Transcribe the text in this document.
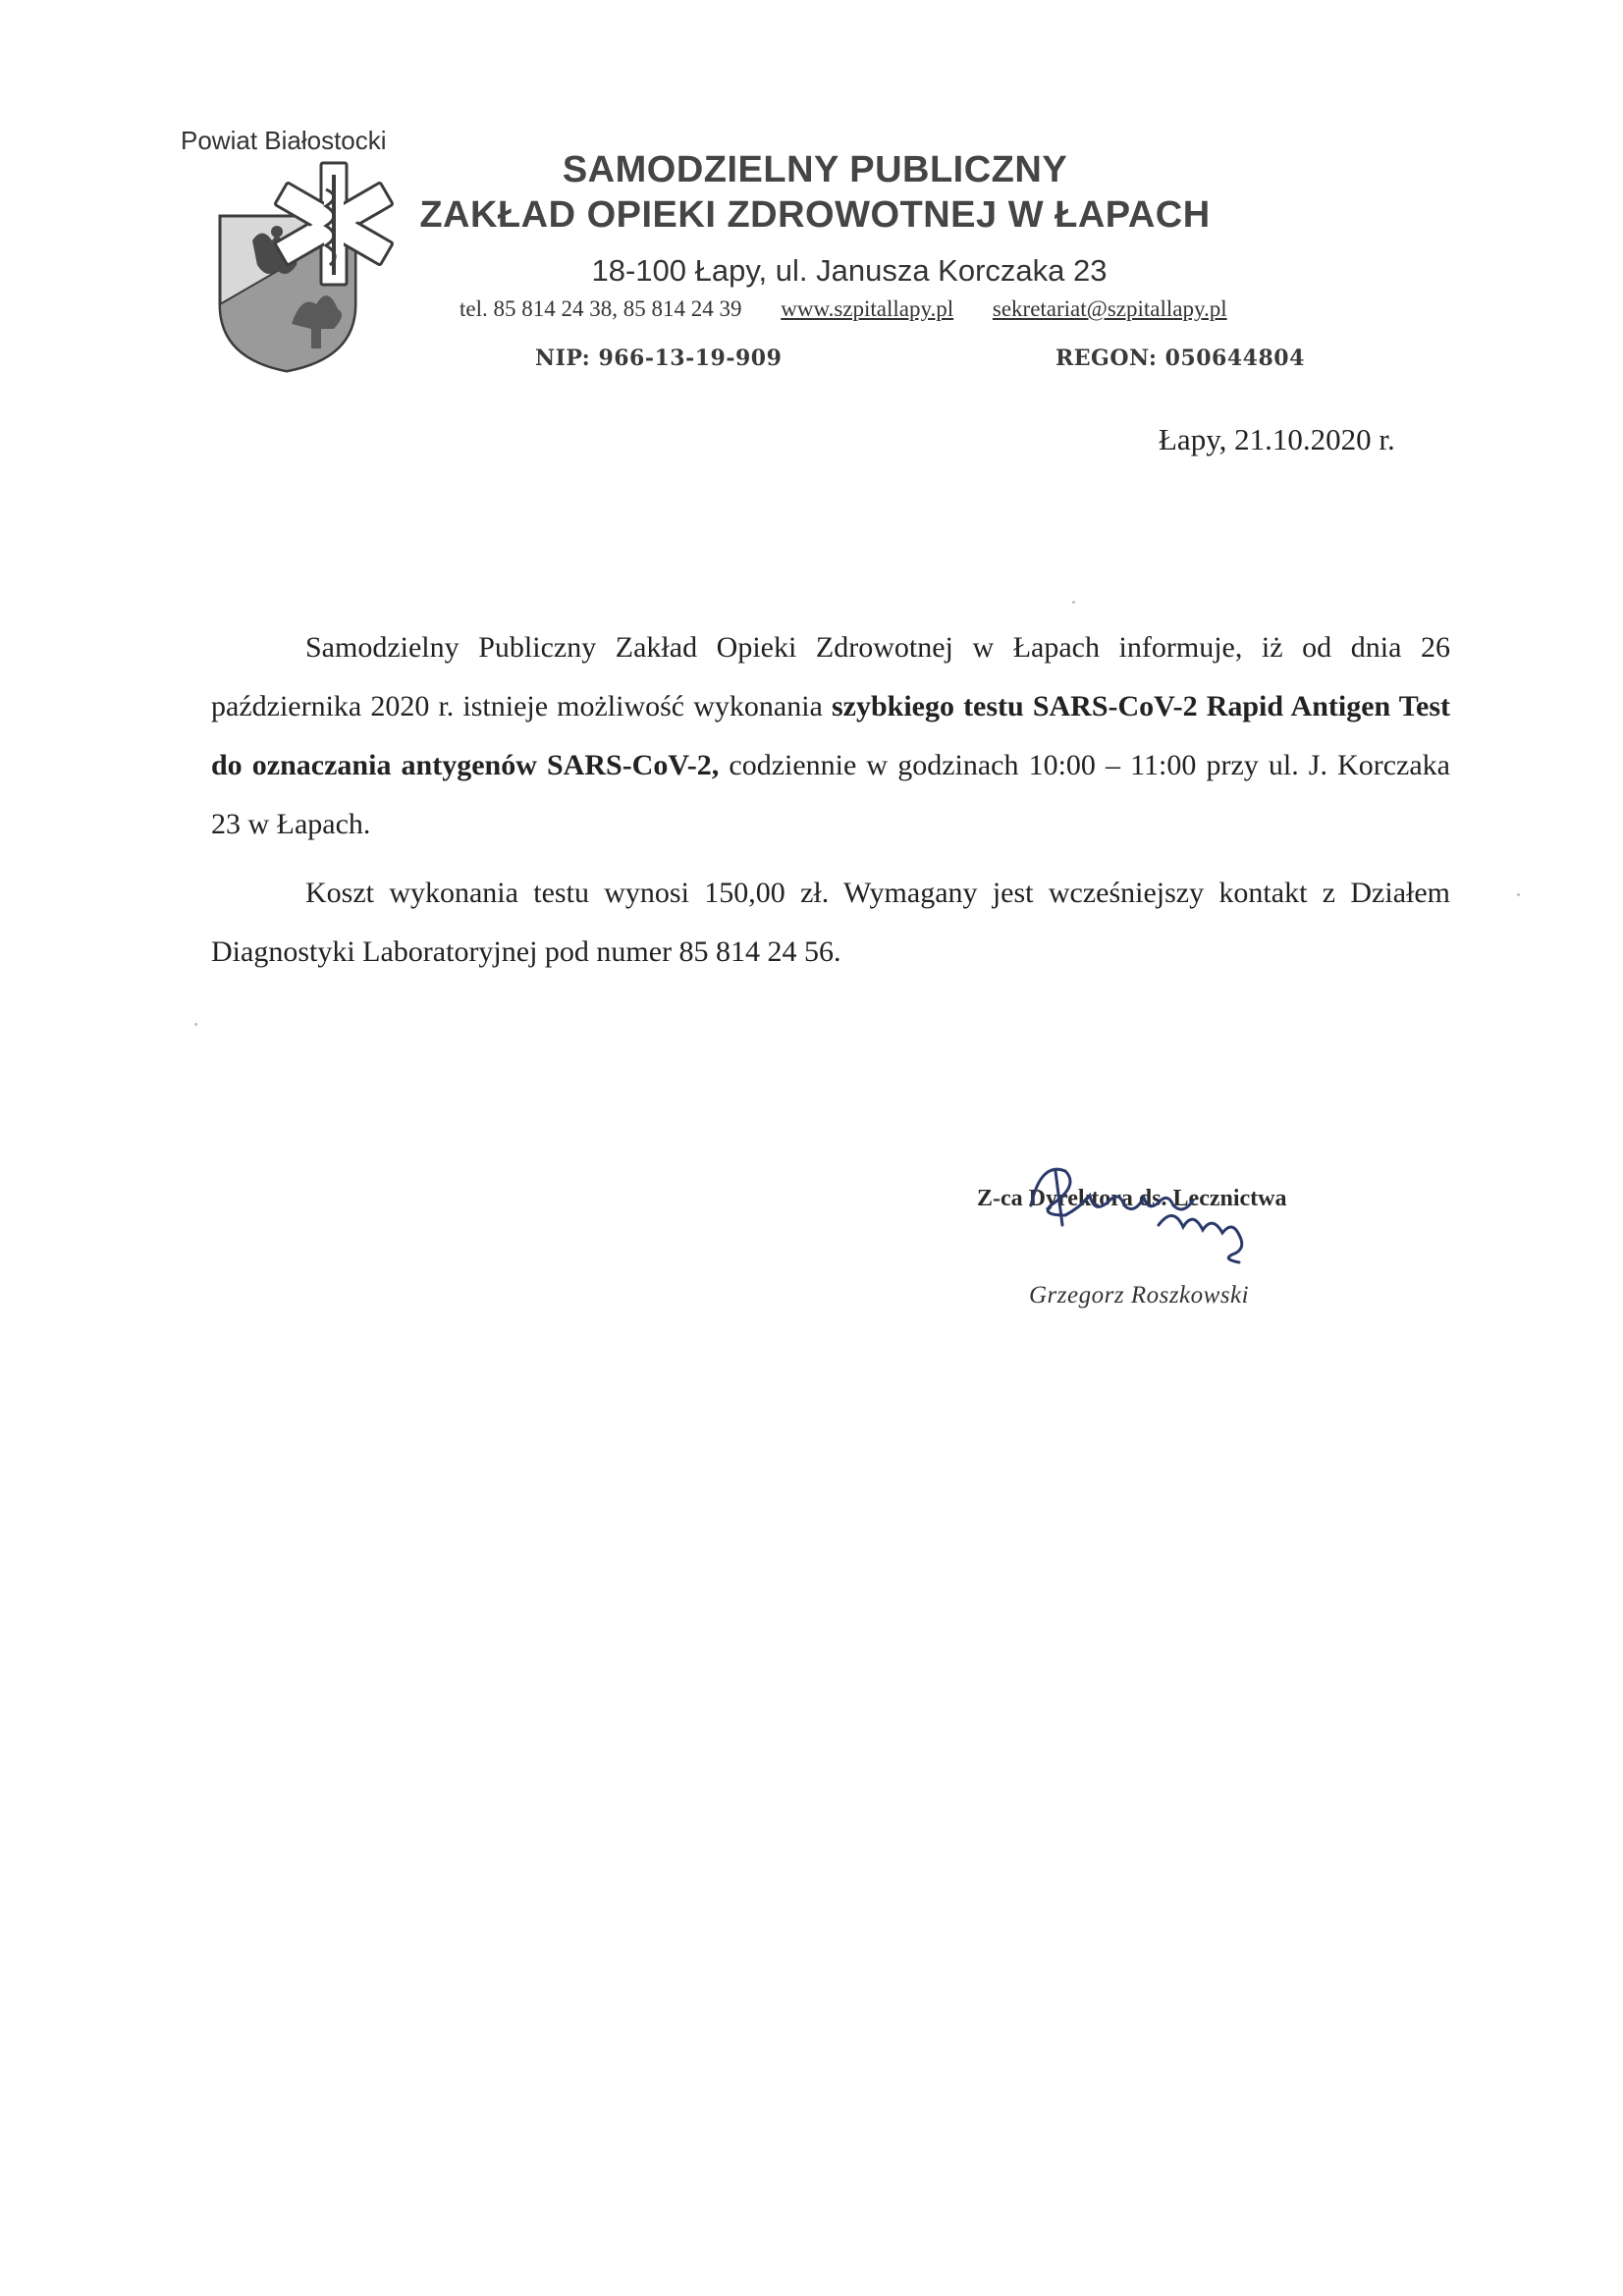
Powiat Białostocki
SAMODZIELNY PUBLICZNY
ZAKŁAD OPIEKI ZDROWOTNEJ W ŁAPACH
18-100 Łapy, ul. Janusza Korczaka 23
tel. 85 814 24 38, 85 814 24 39 www.szpitallapy.pl sekretariat@szpitallapy.pl
NIP: 966-13-19-909	REGON: 050644804
Łapy, 21.10.2020 r.

Samodzielny Publiczny Zakład Opieki Zdrowotnej w Łapach informuje, iż od dnia 26 października 2020 r. istnieje możliwość wykonania szybkiego testu SARS-CoV-2 Rapid Antigen Test do oznaczania antygenów SARS-CoV-2, codziennie w godzinach 10:00 – 11:00 przy ul. J. Korczaka 23 w Łapach.

Koszt wykonania testu wynosi 150,00 zł. Wymagany jest wcześniejszy kontakt z Działem Diagnostyki Laboratoryjnej pod numer 85 814 24 56.

Z-ca Dyrektora ds. Lecznictwa
Grzegorz Roszkowski
